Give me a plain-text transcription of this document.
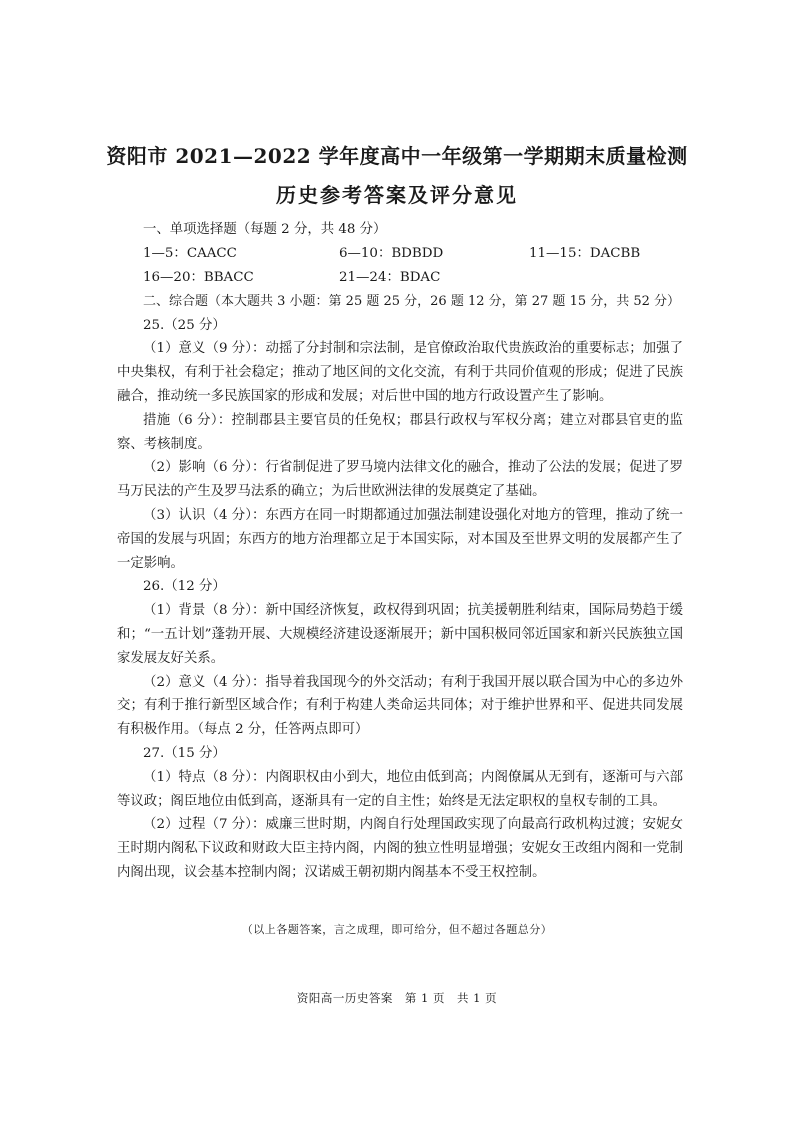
资阳市 2021—2022 学年度高中一年级第一学期期末质量检测
历史参考答案及评分意见
一、单项选择题（每题 2 分，共 48 分）
1—5：CAACC	6—10：BDBDD	11—15：DACBB
16—20：BBACC	21—24：BDAC
二、综合题（本大题共 3 小题：第 25 题 25 分，26 题 12 分，第 27 题 15 分，共 52 分）
25.（25 分）
（1）意义（9 分）：动摇了分封制和宗法制，是官僚政治取代贵族政治的重要标志；加强了中央集权，有利于社会稳定；推动了地区间的文化交流，有利于共同价值观的形成；促进了民族融合，推动统一多民族国家的形成和发展；对后世中国的地方行政设置产生了影响。
措施（6 分）：控制郡县主要官员的任免权；郡县行政权与军权分离；建立对郡县官吏的监察、考核制度。
（2）影响（6 分）：行省制促进了罗马境内法律文化的融合，推动了公法的发展；促进了罗马万民法的产生及罗马法系的确立；为后世欧洲法律的发展奠定了基础。
（3）认识（4 分）：东西方在同一时期都通过加强法制建设强化对地方的管理，推动了统一帝国的发展与巩固；东西方的地方治理都立足于本国实际，对本国及至世界文明的发展都产生了一定影响。
26.（12 分）
（1）背景（8 分）：新中国经济恢复，政权得到巩固；抗美援朝胜利结束，国际局势趋于缓和；“一五计划”蓬勃开展、大规模经济建设逐渐展开；新中国积极同邻近国家和新兴民族独立国家发展友好关系。
（2）意义（4 分）：指导着我国现今的外交活动；有利于我国开展以联合国为中心的多边外交；有利于推行新型区域合作；有利于构建人类命运共同体；对于维护世界和平、促进共同发展有积极作用。（每点 2 分，任答两点即可）
27.（15 分）
（1）特点（8 分）：内阁职权由小到大，地位由低到高；内阁僚属从无到有，逐渐可与六部等议政；阁臣地位由低到高，逐渐具有一定的自主性；始终是无法定职权的皇权专制的工具。
（2）过程（7 分）：威廉三世时期，内阁自行处理国政实现了向最高行政机构过渡；安妮女王时期内阁私下议政和财政大臣主持内阁，内阁的独立性明显增强；安妮女王改组内阁和一党制内阁出现，议会基本控制内阁；汉诺威王朝初期内阁基本不受王权控制。
（以上各题答案，言之成理，即可给分，但不超过各题总分）
资阳高一历史答案　第 1 页　共 1 页
